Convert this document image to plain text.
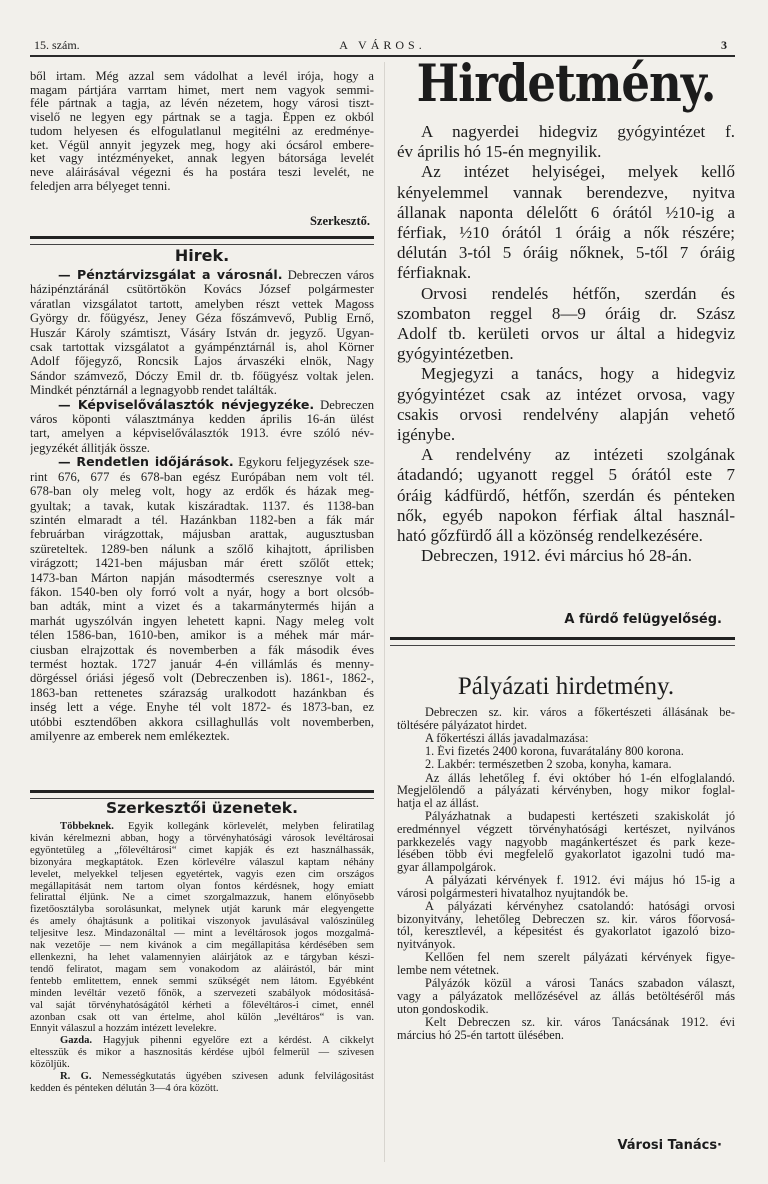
15. szám.	A VÁROS.	3
ből irtam. Még azzal sem vádolhat a levél irója, hogy a
magam pártjára varrtam himet, mert nem vagyok semmi-
féle pártnak a tagja, az lévén nézetem, hogy városi tiszt-
viselő ne legyen egy pártnak se a tagja. Éppen ez okból
tudom helyesen és elfogulatlanul megitélni az eredménye-
ket. Végül annyit jegyzek meg, hogy aki ócsárol embere-
ket vagy intézményeket, annak legyen bátorsága levelét
neve aláirásával végezni és ha postára teszi levelét, ne
feledjen arra bélyeget tenni.
Szerkesztő.
Hirek.
— Pénztárvizsgálat a városnál. Debreczen város
házipénztáránál csütörtökön Kovács József polgármester
váratlan vizsgálatot tartott, amelyben részt vettek Magoss
György dr. főügyész, Jeney Géza főszámvevő, Publig Ernő,
Huszár Károly számtiszt, Vásáry István dr. jegyző. Ugyan-
csak tartottak vizsgálatot a gyámpénztárnál is, ahol Körner
Adolf főjegyző, Roncsik Lajos árvaszéki elnök, Nagy
Sándor számvező, Dóczy Emil dr. tb. főügyész voltak jelen.
Mindkét pénztárnál a legnagyobb rendet találták.
— Képviselőválasztók névjegyzéke. Debreczen
város köponti választmánya kedden április 16-án ülést
tart, amelyen a képviselőválasztók 1913. évre szóló név-
jegyzékét állitják össze.
— Rendetlen időjárások. Egykoru feljegyzések sze-
rint 676, 677 és 678-ban egész Európában nem volt tél.
678-ban oly meleg volt, hogy az erdők és házak meg-
gyultak; a tavak, kutak kiszáradtak. 1137. és 1138-ban
szintén elmaradt a tél. Hazánkban 1182-ben a fák már
februárban virágzottak, májusban arattak, augusztusban
szüreteltek. 1289-ben nálunk a szőlő kihajtott, áprilisben
virágzott; 1421-ben májusban már érett szőlőt ettek;
1473-ban Márton napján másodtermés cseresznye volt a
fákon. 1540-ben oly forró volt a nyár, hogy a bort olcsób-
ban adták, mint a vizet és a takarmánytermés hiján a
marhát ugyszólván ingyen lehetett kapni. Nagy meleg volt
télen 1586-ban, 1610-ben, amikor is a méhek már már-
ciusban elrajzottak és novemberben a fák második éves
termést hoztak. 1727 január 4-én villámlás és menny-
dörgéssel óriási jégeső volt (Debreczenben is). 1861-, 1862-,
1863-ban rettenetes szárazság uralkodott hazánkban és
inség lett a vége. Enyhe tél volt 1872- és 1873-ban, ez
utóbbi esztendőben akkora csillaghullás volt novemberben,
amilyenre az emberek nem emlékeztek.
Szerkesztői üzenetek.
Többeknek. Egyik kollegánk körlevelét, melyben feliratilag
kiván kérelmezni abban, hogy a törvényhatósági városok levéltárosai
egyöntetüleg a „főlevéltárosi“ cimet kapják és ezt használhassák,
bizonyára megkaptátok. Ezen körlevélre válaszul kaptam néhány
levelet, melyekkel teljesen egyetértek, vagyis ezen cim országos
megállapitását nem tartom olyan fontos kérdésnek, hogy emiatt
felirattal éljünk. Ne a cimet szorgalmazzuk, hanem előnyösebb
fizetőosztályba sorolásunkat, melynek utját karunk már elegyengette
és amely óhajtásunk a politikai viszonyok javulásával valószinüleg
teljesitve lesz. Mindazonáltal — mint a levéltárosok jogos mozgalmá-
nak vezetője — nem kivánok a cim megállapitása kérdésében sem
ellenkezni, ha lehet valamennyien aláirjátok az e tárgyban készi-
tendő feliratot, magam sem vonakodom az aláirástól, bár mint
fentebb emlitettem, ennek semmi szükségét nem látom. Egyébként
minden levéltár vezető főnök, a szervezeti szabályok módositásá-
val saját törvényhatóságától kérheti a főlevéltáros-i cimet, ennél
azonban csak ott van értelme, ahol külön „levéltáros“ is van.
Ennyit válaszul a hozzám intézett levelekre.
Gazda. Hagyjuk pihenni egyelőre ezt a kérdést. A cikkelyt
eltesszük és mikor a hasznositás kérdése ujból felmerül — szivesen
közöljük.
R. G. Nemességkutatás ügyében szivesen adunk felvilágositást
kedden és pénteken délután 3—4 óra között.
Hirdetmény.
A nagyerdei hidegviz gyógyintézet f.
év április hó 15-én megnyilik.
Az intézet helyiségei, melyek kellő
kényelemmel vannak berendezve, nyitva
állanak naponta délelőtt 6 órától ½10-ig a
férfiak, ½10 órától 1 óráig a nők részére;
délután 3-tól 5 óráig nőknek, 5-től 7 óráig
férfiaknak.
Orvosi rendelés hétfőn, szerdán és
szombaton reggel 8—9 óráig dr. Szász
Adolf tb. kerületi orvos ur által a hidegviz
gyógyintézetben.
Megjegyzi a tanács, hogy a hidegviz
gyógyintézet csak az intézet orvosa, vagy
csakis orvosi rendelvény alapján vehető
igénybe.
A rendelvény az intézeti szolgának
átadandó; ugyanott reggel 5 órától este 7
óráig kádfürdő, hétfőn, szerdán és pénteken
nők, egyéb napokon férfiak által használ-
ható gőzfürdő áll a közönség rendelkezésére.
Debreczen, 1912. évi március hó 28-án.
A fürdő felügyelőség.
Pályázati hirdetmény.
Debreczen sz. kir. város a főkertészeti állásának be-
töltésére pályázatot hirdet.
A főkertészi állás javadalmazása:
1. Évi fizetés 2400 korona, fuvarátalány 800 korona.
2. Lakbér: természetben 2 szoba, konyha, kamara.
Az állás lehetőleg f. évi október hó 1-én elfoglalandó.
Megjelölendő a pályázati kérvényben, hogy mikor foglal-
hatja el az állást.
Pályázhatnak a budapesti kertészeti szakiskolát jó
eredménnyel végzett törvényhatósági kertészet, nyilvános
parkkezelés vagy nagyobb magánkertészet és park keze-
lésében több évi megfelelő gyakorlatot igazolni tudó ma-
gyar állampolgárok.
A pályázati kérvények f. 1912. évi május hó 15-ig a
városi polgármesteri hivatalhoz nyujtandók be.
A pályázati kérvényhez csatolandó: hatósági orvosi
bizonyitvány, lehetőleg Debreczen sz. kir. város főorvosá-
tól, keresztlevél, a képesitést és gyakorlatot igazoló bizo-
nyitványok.
Kellően fel nem szerelt pályázati kérvények figye-
lembe nem vétetnek.
Pályázók közül a városi Tanács szabadon választ,
vagy a pályázatok mellőzésével az állás betöltéséről más
uton gondoskodik.
Kelt Debreczen sz. kir. város Tanácsának 1912. évi
március hó 25-én tartott ülésében.
Városi Tanács·
